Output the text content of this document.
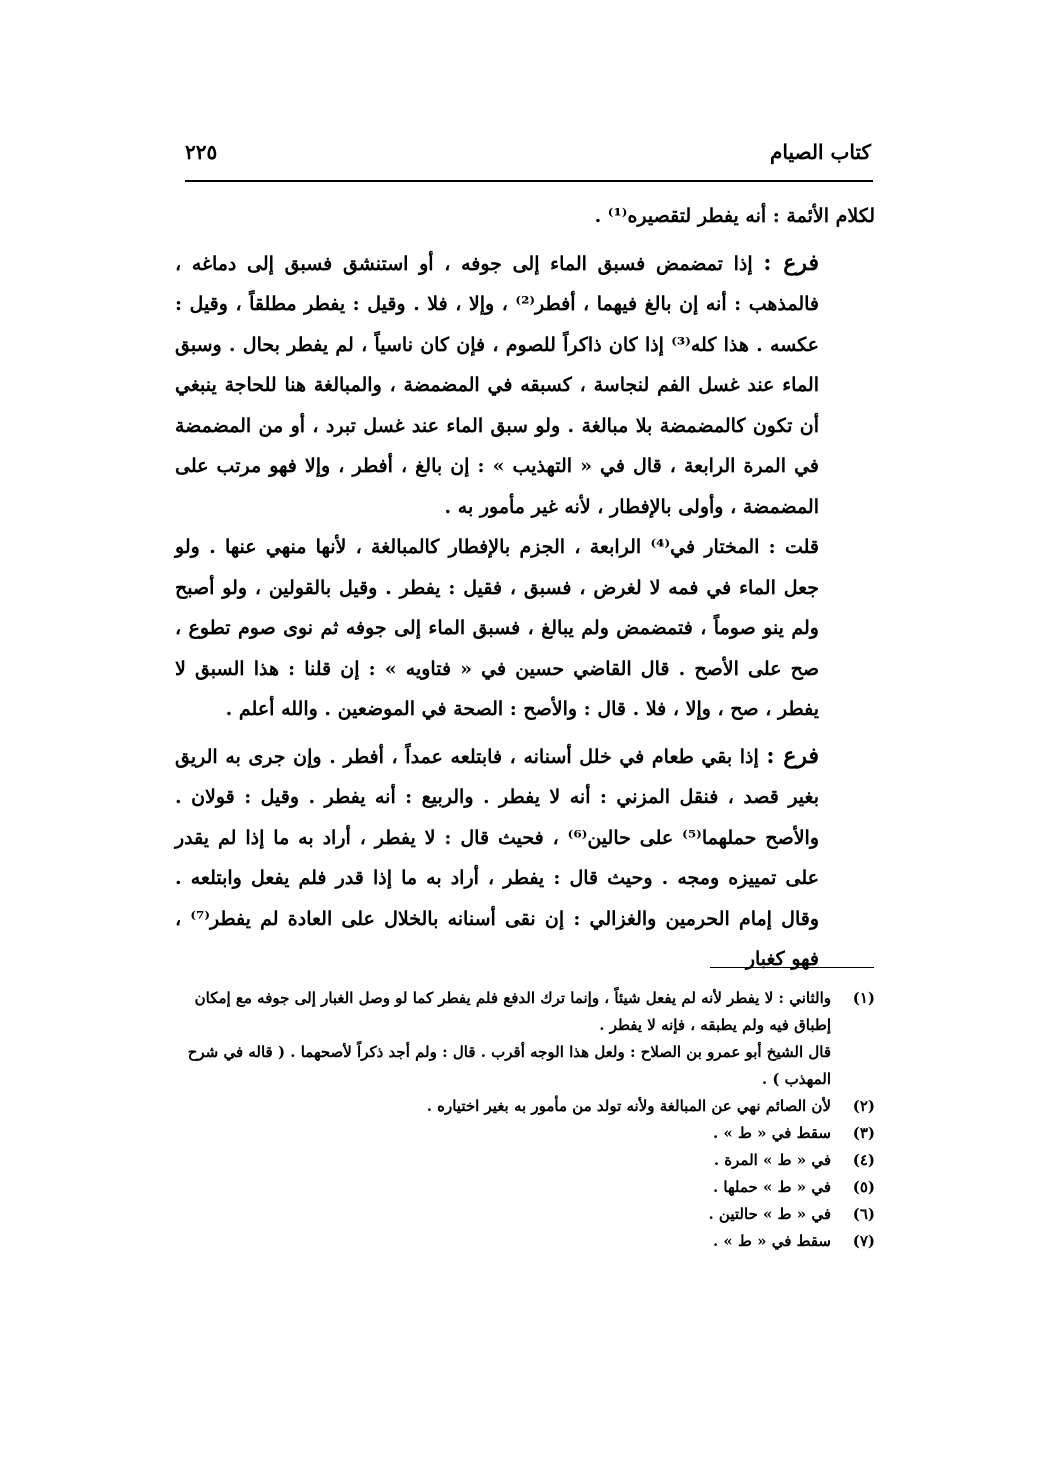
كتاب الصيام
٢٢٥

لكلام الأئمة : أنه يفطر لتقصيره⁽¹⁾ .

فرع : إذا تمضمض فسبق الماء إلى جوفه ، أو استنشق فسبق إلى دماغه ، فالمذهب : أنه إن بالغ فيهما ، أفطر⁽²⁾ ، وإلا ، فلا . وقيل : يفطر مطلقاً ، وقيل : عكسه . هذا كله⁽³⁾ إذا كان ذاكراً للصوم ، فإن كان ناسياً ، لم يفطر بحال . وسبق الماء عند غسل الفم لنجاسة ، كسبقه في المضمضة ، والمبالغة هنا للحاجة ينبغي أن تكون كالمضمضة بلا مبالغة . ولو سبق الماء عند غسل تبرد ، أو من المضمضة في المرة الرابعة ، قال في « التهذيب » : إن بالغ ، أفطر ، وإلا فهو مرتب على المضمضة ، وأولى بالإفطار ، لأنه غير مأمور به .

قلت : المختار في⁽⁴⁾ الرابعة ، الجزم بالإفطار كالمبالغة ، لأنها منهي عنها . ولو جعل الماء في فمه لا لغرض ، فسبق ، فقيل : يفطر . وقيل بالقولين ، ولو أصبح ولم ينو صوماً ، فتمضمض ولم يبالغ ، فسبق الماء إلى جوفه ثم نوى صوم تطوع ، صح على الأصح . قال القاضي حسين في « فتاويه » : إن قلنا : هذا السبق لا يفطر ، صح ، وإلا ، فلا . قال : والأصح : الصحة في الموضعين . والله أعلم .

فرع : إذا بقي طعام في خلل أسنانه ، فابتلعه عمداً ، أفطر . وإن جرى به الريق بغير قصد ، فنقل المزني : أنه لا يفطر . والربيع : أنه يفطر . وقيل : قولان . والأصح حملهما⁽⁵⁾ على حالين⁽⁶⁾ ، فحيث قال : لا يفطر ، أراد به ما إذا لم يقدر على تمييزه ومجه . وحيث قال : يفطر ، أراد به ما إذا قدر فلم يفعل وابتلعه . وقال إمام الحرمين والغزالي : إن نقى أسنانه بالخلال على العادة لم يفطر⁽⁷⁾ ، فهو كغبار

(١)
والثاني : لا يفطر لأنه لم يفعل شيئاً ، وإنما ترك الدفع فلم يفطر كما لو وصل الغبار إلى جوفه مع إمكان إطباق فيه ولم يطبقه ، فإنه لا يفطر .
قال الشيخ أبو عمرو بن الصلاح : ولعل هذا الوجه أقرب . قال : ولم أجد ذكراً لأصحهما . ( قاله في شرح المهذب ) .
(٢)
لأن الصائم نهي عن المبالغة ولأنه تولد من مأمور به بغير اختياره .
(٣)
سقط في « ط » .
(٤)
في « ط » المرة .
(٥)
في « ط » حملها .
(٦)
في « ط » حالتين .
(٧)
سقط في « ط » .
